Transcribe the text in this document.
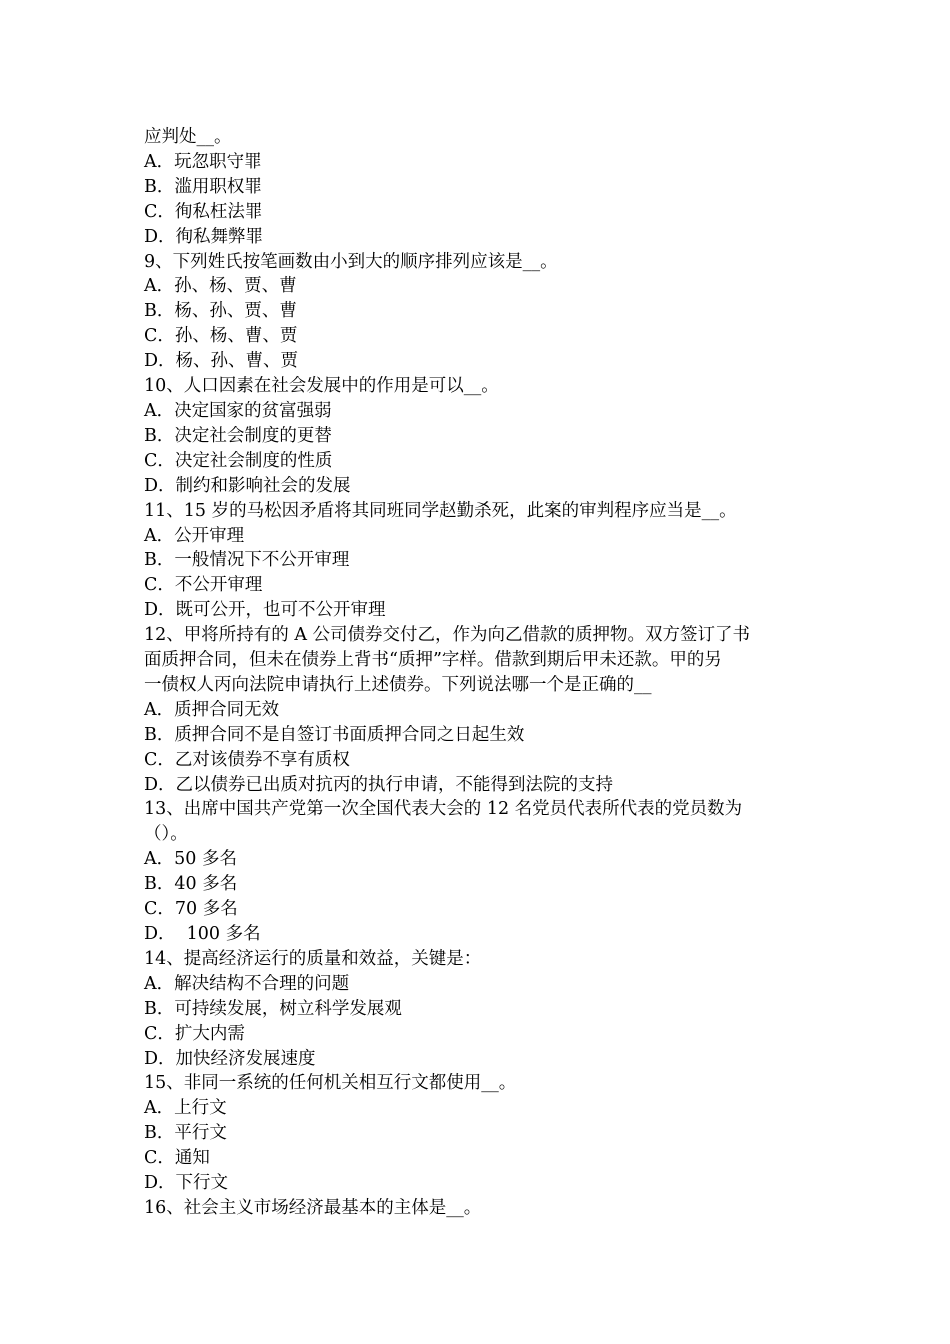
应判处__。
A．玩忽职守罪
B．滥用职权罪
C．徇私枉法罪
D．徇私舞弊罪
9、下列姓氏按笔画数由小到大的顺序排列应该是__。
A．孙、杨、贾、曹
B．杨、孙、贾、曹
C．孙、杨、曹、贾
D．杨、孙、曹、贾
10、人口因素在社会发展中的作用是可以__。
A．决定国家的贫富强弱
B．决定社会制度的更替
C．决定社会制度的性质
D．制约和影响社会的发展
11、15 岁的马松因矛盾将其同班同学赵勤杀死，此案的审判程序应当是__。
A．公开审理
B．一般情况下不公开审理
C．不公开审理
D．既可公开，也可不公开审理
12、甲将所持有的 A 公司债券交付乙，作为向乙借款的质押物。双方签订了书
面质押合同，但未在债券上背书“质押”字样。借款到期后甲未还款。甲的另
一债权人丙向法院申请执行上述债券。下列说法哪一个是正确的__
A．质押合同无效
B．质押合同不是自签订书面质押合同之日起生效
C．乙对该债券不享有质权
D．乙以债券已出质对抗丙的执行申请，不能得到法院的支持
13、出席中国共产党第一次全国代表大会的 12 名党员代表所代表的党员数为
（）。
A．50 多名
B．40 多名
C．70 多名
D．  100 多名
14、提高经济运行的质量和效益，关键是：
A．解决结构不合理的问题
B．可持续发展，树立科学发展观
C．扩大内需
D．加快经济发展速度
15、非同一系统的任何机关相互行文都使用__。
A．上行文
B．平行文
C．通知
D．下行文
16、社会主义市场经济最基本的主体是__。
